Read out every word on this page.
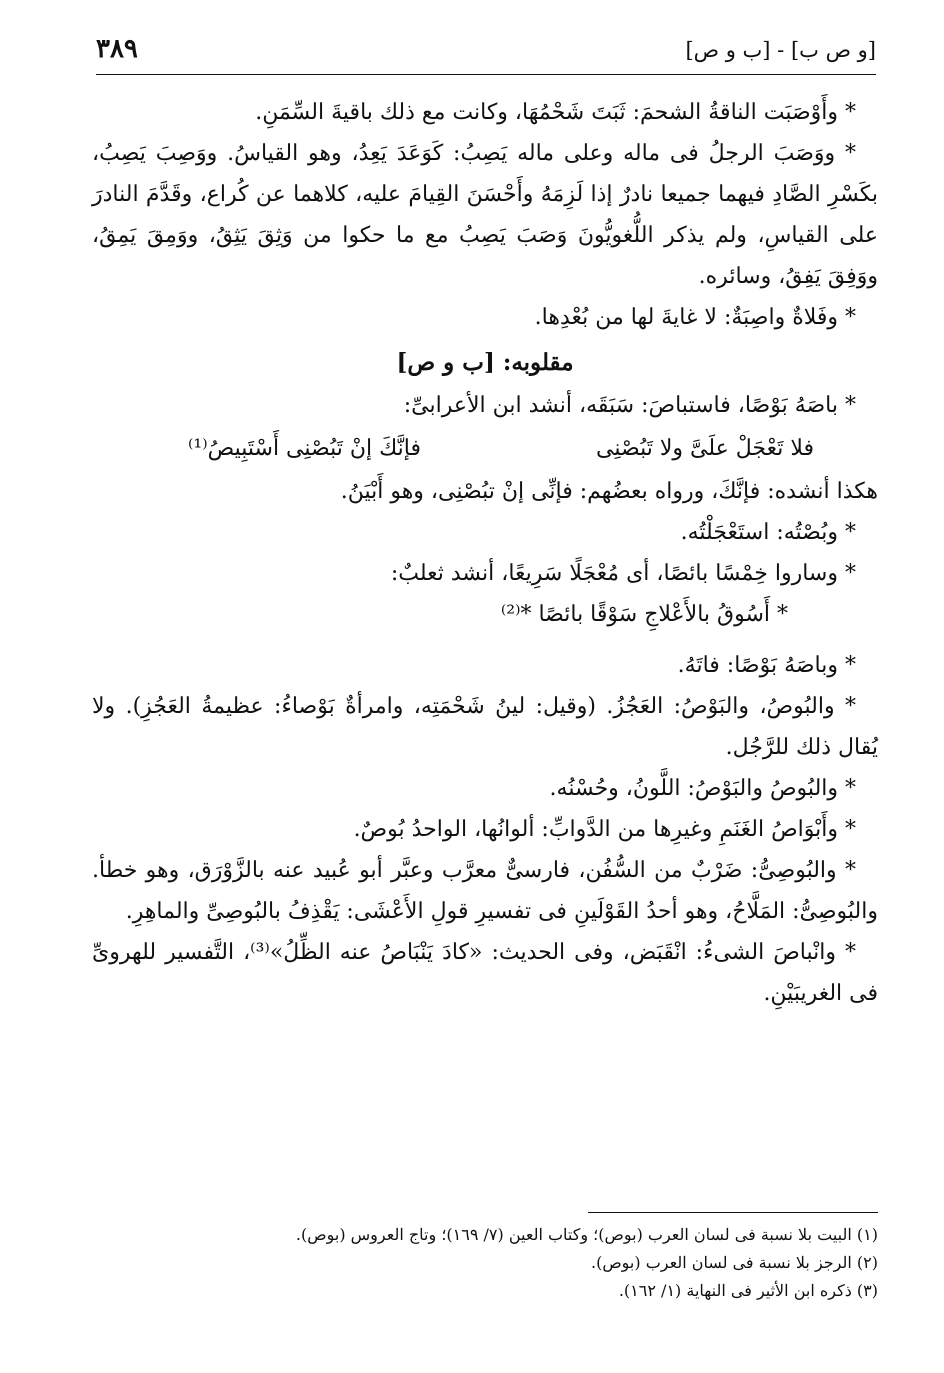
٣٨٩	[و ص ب] - [ب و ص]

* وأَوْصَبَت الناقةُ الشحمَ: ثَبَتَ شَحْمُهَا، وكانت مع ذلك باقيةَ السِّمَنِ.

* ووَصَبَ الرجلُ فى ماله وعلى ماله يَصِبُ: كَوَعَدَ يَعِدُ، وهو القياسُ. ووَصِبَ يَصِبُ، بكَسْرِ الصَّادِ فيهما جميعا نادرٌ إذا لَزِمَهُ وأَحْسَنَ القِيامَ عليه، كلاهما عن كُراع، وقَدَّمَ النادرَ على القياسِ، ولم يذكر اللُّغويُّونَ وَصَبَ يَصِبُ مع ما حكوا من وَثِقَ يَثِقُ، ووَمِقَ يَمِقُ، ووَفِقَ يَفِقُ، وسائره.

* وفَلاةٌ واصِبَةٌ: لا غايةَ لها من بُعْدِها.

مقلوبه: [ب و ص]

* باصَهُ بَوْصًا، فاستباصَ: سَبَقَه، أنشد ابن الأعرابىِّ:

فلا تَعْجَلْ علَىَّ ولا تَبُصْنِى
فإنَّكَ إنْ تَبُصْنِى أَسْتَبِيصُ⁽¹⁾

هكذا أنشده: فإنَّكَ، ورواه بعضُهم: فإنِّى إنْ تبُصْنِى، وهو أَبْيَنُ.

* وبُصْتُه: استَعْجَلْتُه.

* وساروا خِمْسًا بائصًا، أى مُعْجَلًا سَرِيعًا، أنشد ثعلبٌ:

* أَسُوقُ بالأَعْلاجِ سَوْقًا بائصًا *⁽²⁾

* وباصَهُ بَوْصًا: فاتَهُ.

* والبُوصُ، والبَوْصُ: العَجُزُ. (وقيل: لينُ شَحْمَتِه، وامرأةٌ بَوْصاءُ: عظيمةُ العَجُزِ). ولا يُقال ذلك للرَّجُل.

* والبُوصُ والبَوْصُ: اللَّونُ، وحُسْنُه.

* وأَبْوَاصُ الغَنَمِ وغيرِها من الدَّوابِّ: ألوانُها، الواحدُ بُوصٌ.

* والبُوصِىُّ: ضَرْبٌ من السُّفُن، فارسىٌّ معرَّب وعبَّر أبو عُبيد عنه بالزَّوْرَق، وهو خطأ. والبُوصِىُّ: المَلَّاحُ، وهو أحدُ القَوْلَينِ فى تفسيرِ قولِ الأَعْشَى: يَقْذِفُ بالبُوصِىِّ والماهِرِ.

* وانْباصَ الشىءُ: انْقَبَض، وفى الحديث: «كادَ يَنْبَاصُ عنه الظِّلُ»⁽³⁾، التَّفسير للهروىِّ فى الغريبَيْنِ.

(١) البيت بلا نسبة فى لسان العرب (بوص)؛ وكتاب العين (٧/ ١٦٩)؛ وتاج العروس (بوص).

(٢) الرجز بلا نسبة فى لسان العرب (بوص).

(٣) ذكره ابن الأثير فى النهاية (١/ ١٦٢).
